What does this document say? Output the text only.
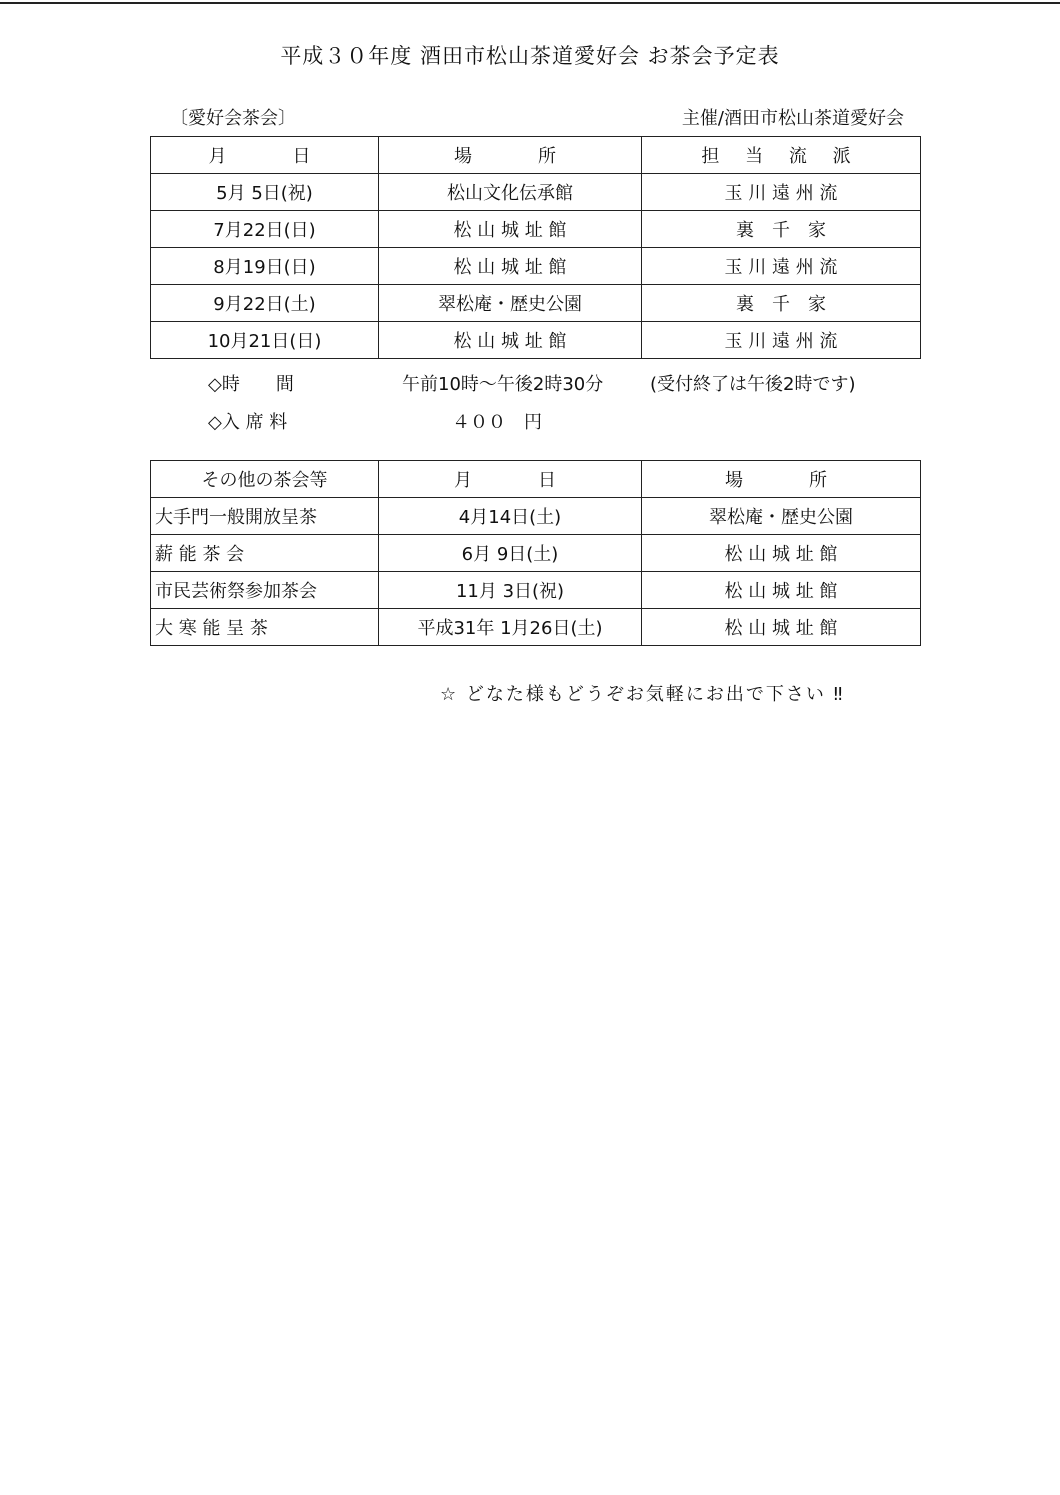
平成３０年度 酒田市松山茶道愛好会 お茶会予定表
〔愛好会茶会〕	主催/酒田市松山茶道愛好会
月　　日	場　　所	担 当 流 派
5月 5日(祝)	松山文化伝承館	玉 川 遠 州 流
7月22日(日)	松 山 城 址 館	裏　千　家
8月19日(日)	松 山 城 址 館	玉 川 遠 州 流
9月22日(土)	翠松庵・歴史公園	裏　千　家
10月21日(日)	松 山 城 址 館	玉 川 遠 州 流
◇時　　間	午前10時～午後2時30分	(受付終了は午後2時です)
◇入 席 料	４００　円
その他の茶会等	月　　日	場　　所
大手門一般開放呈茶	4月14日(土)	翠松庵・歴史公園
薪 能 茶 会	6月 9日(土)	松 山 城 址 館
市民芸術祭参加茶会	11月 3日(祝)	松 山 城 址 館
大 寒 能 呈 茶	平成31年 1月26日(土)	松 山 城 址 館
☆ どなた様もどうぞお気軽にお出で下さい ‼
